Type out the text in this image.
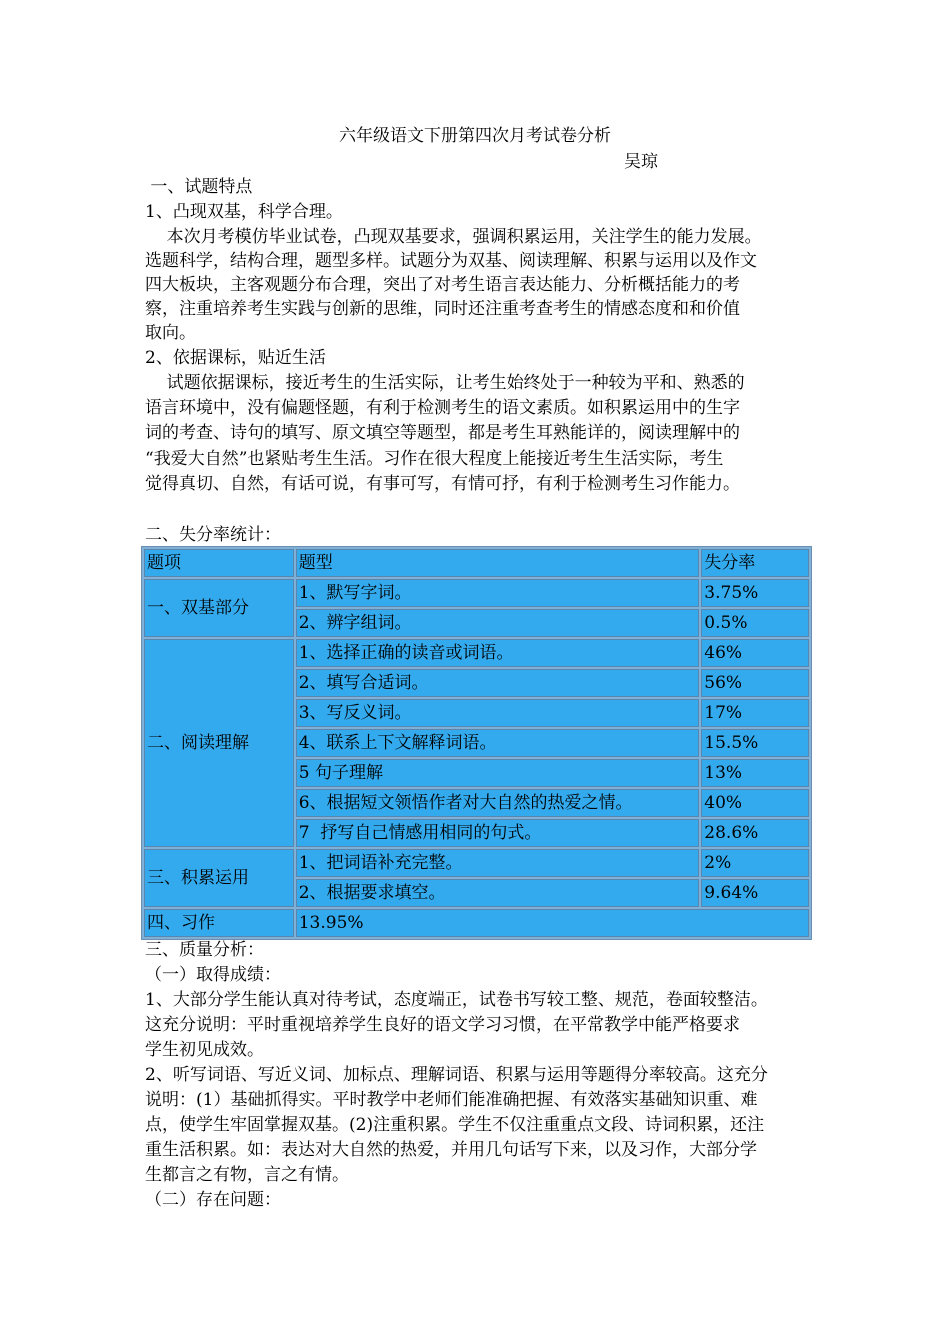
六年级语文下册第四次月考试卷分析
吴琼
一、试题特点
1、凸现双基，科学合理。
本次月考模仿毕业试卷，凸现双基要求，强调积累运用，关注学生的能力发展。
选题科学，结构合理，题型多样。试题分为双基、阅读理解、积累与运用以及作文
四大板块，主客观题分布合理，突出了对考生语言表达能力、分析概括能力的考
察，注重培养考生实践与创新的思维，同时还注重考查考生的情感态度和和价值
取向。
2、依据课标，贴近生活
试题依据课标，接近考生的生活实际，让考生始终处于一种较为平和、熟悉的
语言环境中，没有偏题怪题，有利于检测考生的语文素质。如积累运用中的生字
词的考查、诗句的填写、原文填空等题型，都是考生耳熟能详的，阅读理解中的
“我爱大自然”也紧贴考生生活。习作在很大程度上能接近考生生活实际，考生
觉得真切、自然，有话可说，有事可写，有情可抒，有利于检测考生习作能力。
二、失分率统计：
题项	题型	失分率
一、双基部分	1、默写字词。	3.75%
	2、辨字组词。	0.5%
二、阅读理解	1、选择正确的读音或词语。	46%
	2、填写合适词。	56%
	3、写反义词。	17%
	4、联系上下文解释词语。	15.5%
	5 句子理解	13%
	6、根据短文领悟作者对大自然的热爱之情。	40%
	7  抒写自己情感用相同的句式。	28.6%
三、积累运用	1、把词语补充完整。	2%
	2、根据要求填空。	9.64%
四、习作	13.95%	
三、质量分析：
（一）取得成绩：
1、大部分学生能认真对待考试，态度端正，试卷书写较工整、规范，卷面较整洁。
这充分说明：平时重视培养学生良好的语文学习习惯，在平常教学中能严格要求
学生初见成效。
2、听写词语、写近义词、加标点、理解词语、积累与运用等题得分率较高。这充分
说明：(1）基础抓得实。平时教学中老师们能准确把握、有效落实基础知识重、难
点，使学生牢固掌握双基。(2)注重积累。学生不仅注重重点文段、诗词积累，还注
重生活积累。如：表达对大自然的热爱，并用几句话写下来，以及习作，大部分学
生都言之有物，言之有情。
（二）存在问题：
